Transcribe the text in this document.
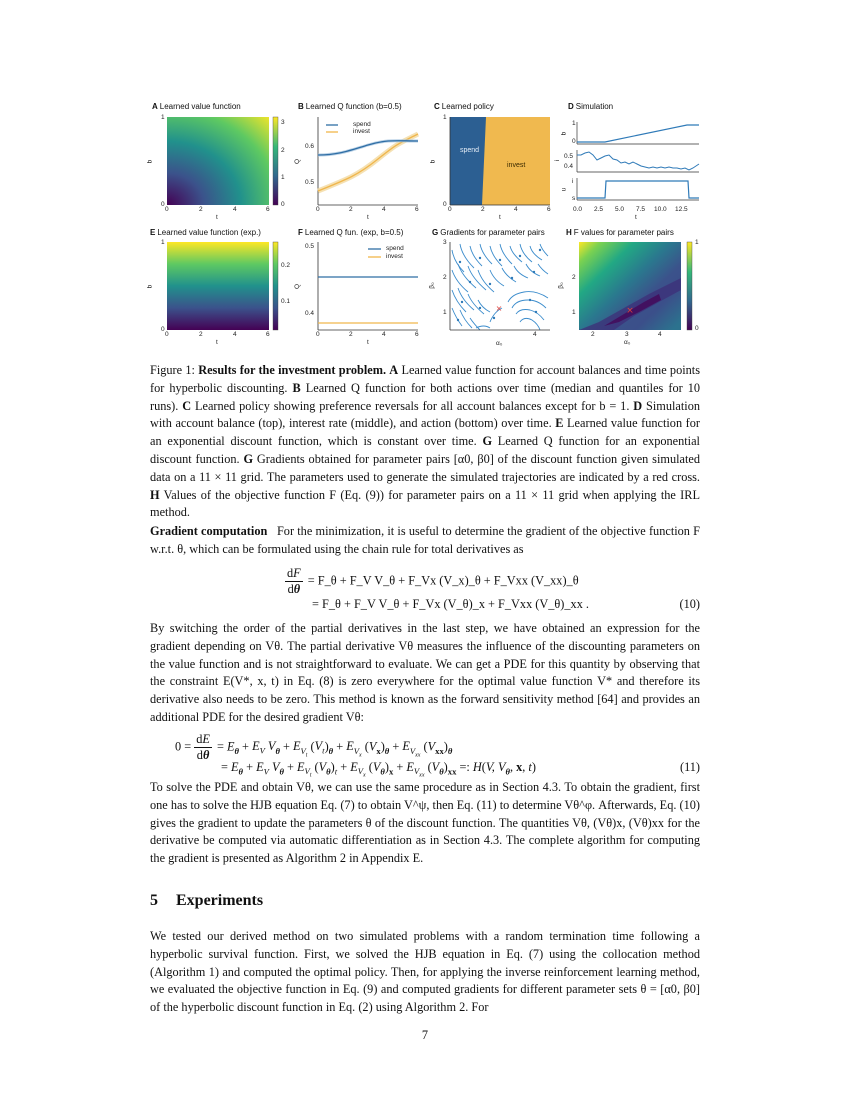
A Learned value function
0
1
2
3
1
0
b
0	2	4	6
t
B Learned Q function (b=0.5)
spend
invest
0.6
0.5
Q
0	2	4	6
t
C Learned policy
spend
invest
1
0
b
0	2	4	6
t
D Simulation
1
0
b
0.5
0.4
i
i
s
u
0.0 2.5 5.0 7.5 10.0 12.5
t
E Learned value function (exp.)
0.2
0.1
1
0
b
0	2	4	6
t
F Learned Q fun. (exp, b=0.5)
spend
invest
0.5
0.4
Q
0	2	4	6
t
G Gradients for parameter pairs
×
3
2
1
β₀
4
α₀
H F values for parameter pairs
×
1
0
2
1
β₀
2	3	4
α₀
Figure 1: Results for the investment problem. A Learned value function for account balances and time points for hyperbolic discounting. B Learned Q function for both actions over time (median and quantiles for 10 runs). C Learned policy showing preference reversals for all account balances except for b = 1. D Simulation with account balance (top), interest rate (middle), and action (bottom) over time. E Learned value function for an exponential discount function, which is constant over time. G Learned Q function for an exponential discount function. G Gradients obtained for parameter pairs [α0, β0] of the discount function given simulated data on a 11 × 11 grid. The parameters used to generate the simulated trajectories are indicated by a red cross. H Values of the objective function F (Eq. (9)) for parameter pairs on a 11 × 11 grid when applying the IRL method.
Gradient computation For the minimization, it is useful to determine the gradient of the objective function F w.r.t. θ, which can be formulated using the chain rule for total derivatives as
$\frac{dF}{d\theta}$ = F_θ + F_V V_θ + F_Vx (V_x)_θ + F_Vxx (V_xx)_θ
= F_θ + F_V V_θ + F_Vx (V_θ)_x + F_Vxx (V_θ)_xx .	(10)
By switching the order of the partial derivatives in the last step, we have obtained an expression for the gradient depending on Vθ. The partial derivative Vθ measures the influence of the discounting parameters on the value function and is not straightforward to evaluate. We can get a PDE for this quantity by observing that the constraint E(V*, x, t) in Eq. (8) is zero everywhere for the optimal value function V* and therefore its derivative also needs to be zero. This method is known as the forward sensitivity method [64] and provides an additional PDE for the desired gradient Vθ:
$0 = \frac{dE}{d\theta} = E_\theta + E_V$ $V_\theta + E_{V_t}$ $(V_t)_\theta + E_{V_x}$ $(V_x)_\theta + E_{V_{xx}}$ $(V_{xx})_\theta$
= $E_\theta + E_V$ $V_\theta + E_{V_t}$ $(V_\theta)_t + E_{V_x}$ $(V_\theta)_x + E_{V_{xx}}$ $(V_\theta)_{xx}$ =: H(V, $V_\theta$, x, t)	(11)
To solve the PDE and obtain Vθ, we can use the same procedure as in Section 4.3. To obtain the gradient, first one has to solve the HJB equation Eq. (7) to obtain V^ψ, then Eq. (11) to determine Vθ^φ. Afterwards, Eq. (10) gives the gradient to update the parameters θ of the discount function. The quantities Vθ, (Vθ)x, (Vθ)xx for the derivative be computed via automatic differentiation as in Section 4.3. The complete algorithm for computing the gradient is presented as Algorithm 2 in Appendix E.
5 Experiments
We tested our derived method on two simulated problems with a random termination time following a hyperbolic survival function. First, we solved the HJB equation in Eq. (7) using the collocation method (Algorithm 1) and computed the optimal policy. Then, for applying the inverse reinforcement learning method, we evaluated the objective function in Eq. (9) and computed gradients for different parameter sets θ = [α0, β0] of the hyperbolic discount function in Eq. (2) using Algorithm 2. For
7
